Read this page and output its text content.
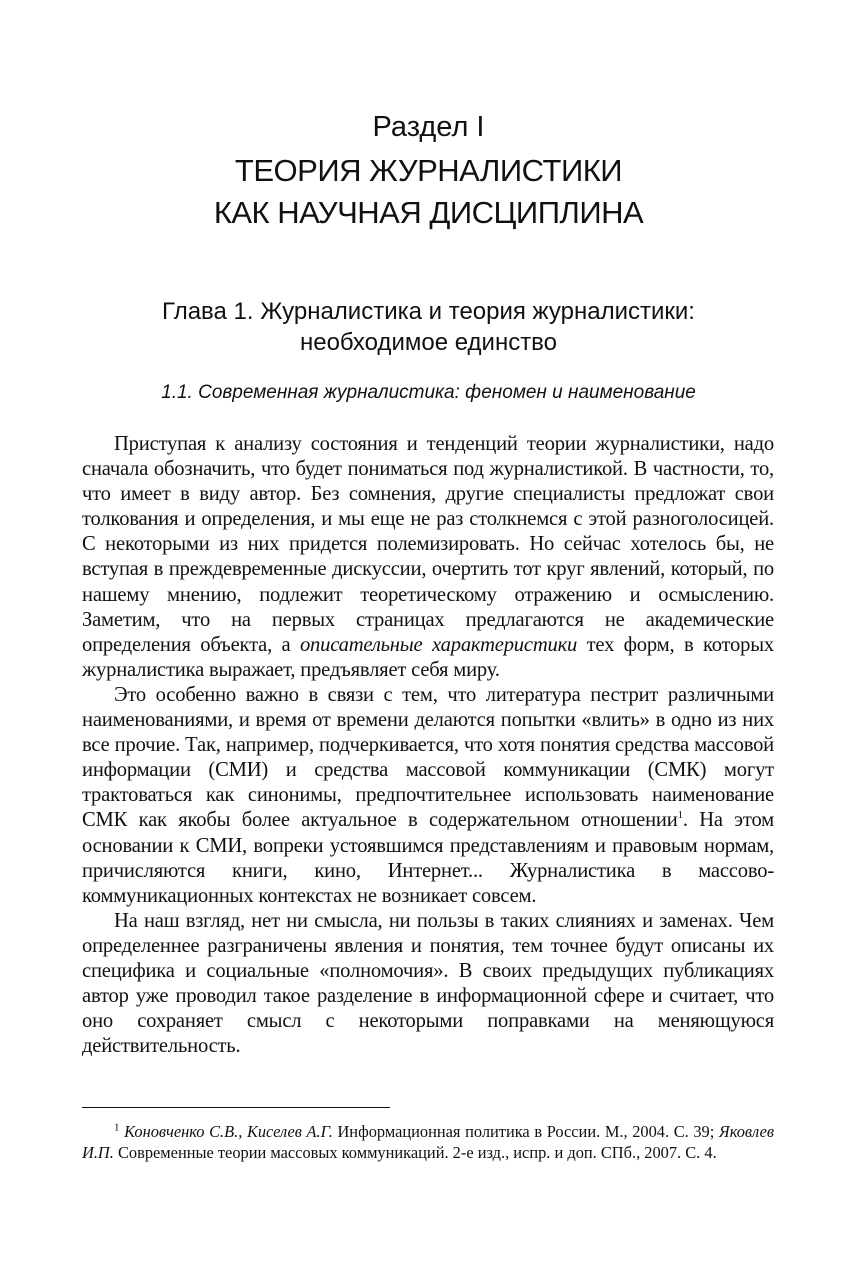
Раздел I
ТЕОРИЯ ЖУРНАЛИСТИКИ
КАК НАУЧНАЯ ДИСЦИПЛИНА
Глава 1. Журналистика и теория журналистики:
необходимое единство
1.1. Современная журналистика: феномен и наименование

Приступая к анализу состояния и тенденций теории журналистики, надо сначала обозначить, что будет пониматься под журналистикой. В частности, то, что имеет в виду автор. Без сомнения, другие специалисты предложат свои толкования и определения, и мы еще не раз столкнемся с этой разноголосицей. С некоторыми из них придется полемизировать. Но сейчас хотелось бы, не вступая в преждевременные дискуссии, очертить тот круг явлений, который, по нашему мнению, подлежит теоретическому отражению и осмыслению. Заметим, что на первых страницах предлагаются не академические определения объекта, а описательные характеристики тех форм, в которых журналистика выражает, предъявляет себя миру.

Это особенно важно в связи с тем, что литература пестрит различными наименованиями, и время от времени делаются попытки «влить» в одно из них все прочие. Так, например, подчеркивается, что хотя понятия средства массовой информации (СМИ) и средства массовой коммуникации (СМК) могут трактоваться как синонимы, предпочтительнее использовать наименование СМК как якобы более актуальное в содержательном отношении$^1$. На этом основании к СМИ, вопреки устоявшимся представлениям и правовым нормам, причисляются книги, кино, Интернет... Журналистика в массово-коммуникационных контекстах не возникает совсем.

На наш взгляд, нет ни смысла, ни пользы в таких слияниях и заменах. Чем определеннее разграничены явления и понятия, тем точнее будут описаны их специфика и социальные «полномочия». В своих предыдущих публикациях автор уже проводил такое разделение в информационной сфере и считает, что оно сохраняет смысл с некоторыми поправками на меняющуюся действительность.

$^1$ Коновченко С.В., Киселев А.Г. Информационная политика в России. М., 2004. С. 39; Яковлев И.П. Современные теории массовых коммуникаций. 2-е изд., испр. и доп. СПб., 2007. С. 4.
